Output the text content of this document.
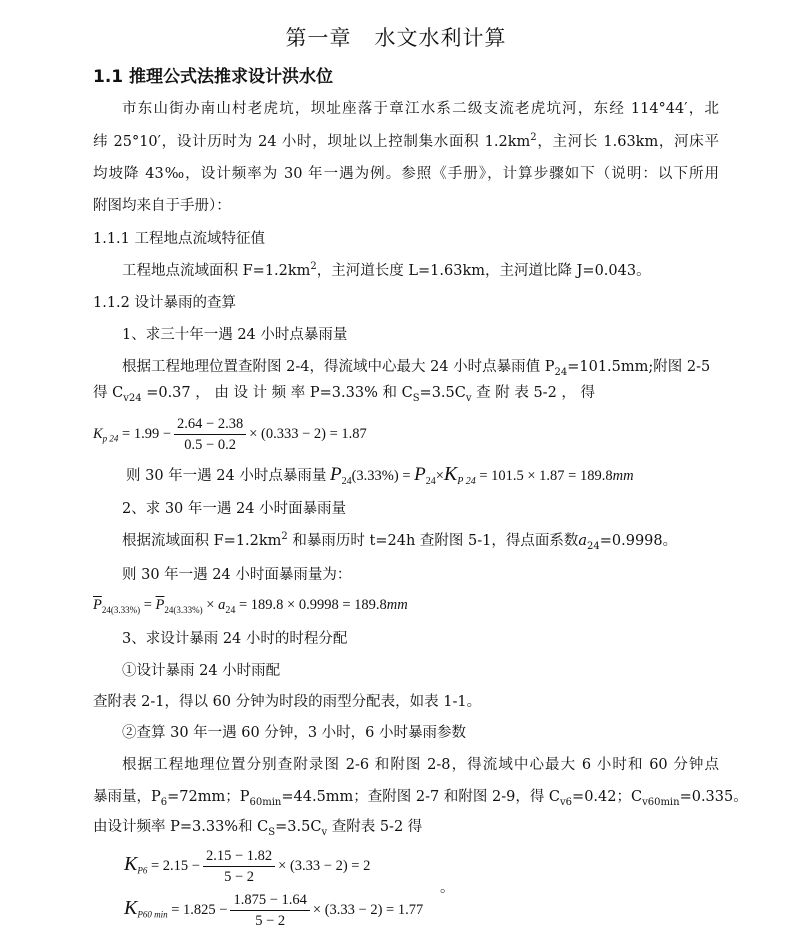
第一章   水文水利计算
1.1 推理公式法推求设计洪水位
市东山街办南山村老虎坑，坝址座落于章江水系二级支流老虎坑河，东经 114°44′，北
纬 25°10′，设计历时为 24 小时，坝址以上控制集水面积 $1.2km^2$，主河长 1.63km，河床平
均坡降 43‰，设计频率为 30 年一遇为例。参照《手册》，计算步骤如下（说明：以下所用
附图均来自于手册）：
1.1.1 工程地点流域特征值
工程地点流域面积 $F=1.2km^2$，主河道长度 L=1.63km，主河道比降 J=0.043。
1.1.2 设计暴雨的查算
1、求三十年一遇 24 小时点暴雨量
根据工程地理位置查附图 2-4，得流域中心最大 24 小时点暴雨值 $P_{24}=101.5mm$;附图 2-5
得 $C_{v24} =0.37$ ， 由 设 计 频 率 P=3.33% 和 $C_S=3.5C_v$ 查 附 表 5-2 ， 得
$K_{p 24} = 1.99 - \frac{2.64 - 2.38}{0.5 - 0.2} \times (0.333 - 2) = 1.87$
则 30 年一遇 24 小时点暴雨量 $P_{24}(3.33\%) = P_{24}\times K_{P 24} = 101.5 \times 1.87 = 189.8mm$
2、求 30 年一遇 24 小时面暴雨量
根据流域面积 $F=1.2km^2$ 和暴雨历时 t=24h 查附图 5-1，得点面系数$a_{24}=0.9998$。
则 30 年一遇 24 小时面暴雨量为：
$\overline{P}_{24(3.33\%)} = \overline{P}_{24(3.33\%)} \times a_{24} = 189.8 \times 0.9998 = 189.8mm$
3、求设计暴雨 24 小时的时程分配
①设计暴雨 24 小时雨配
查附表 2-1，得以 60 分钟为时段的雨型分配表，如表 1-1。
②查算 30 年一遇 60 分钟，3 小时，6 小时暴雨参数
根据工程地理位置分别查附录图 2-6 和附图 2-8，得流域中心最大 6 小时和 60 分钟点
暴雨量，$P_6=72mm$；$P_{60min}=44.5mm$；查附图 2-7 和附图 2-9，得 $C_{v6}=0.42$；$C_{v60min}=0.335$。
由设计频率 P=3.33%和 $C_S=3.5C_v$ 查附表 5-2 得
$K_{P6} = 2.15 - \frac{2.15 - 1.82}{5 - 2} \times (3.33 - 2) = 2$
。
$K_{P60 min} = 1.825 - \frac{1.875 - 1.64}{5 - 2} \times (3.33 - 2) = 1.77$
